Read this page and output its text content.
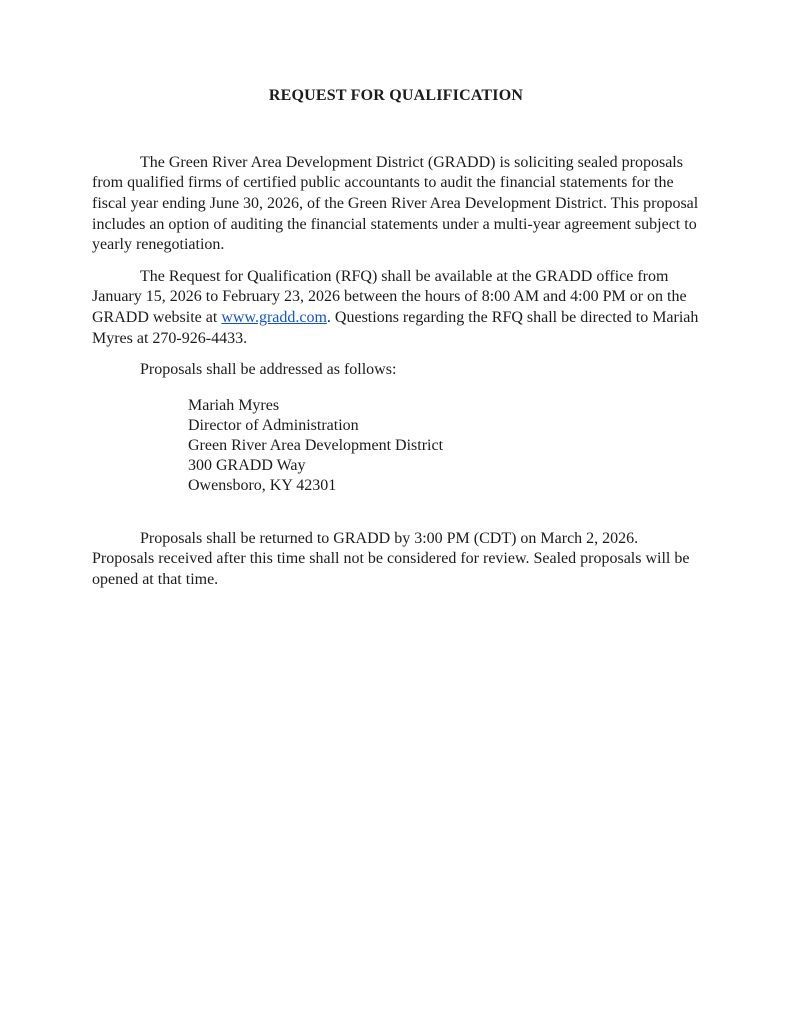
REQUEST FOR QUALIFICATION

The Green River Area Development District (GRADD) is soliciting sealed proposals from qualified firms of certified public accountants to audit the financial statements for the fiscal year ending June 30, 2026, of the Green River Area Development District. This proposal includes an option of auditing the financial statements under a multi-year agreement subject to yearly renegotiation.

The Request for Qualification (RFQ) shall be available at the GRADD office from January 15, 2026 to February 23, 2026 between the hours of 8:00 AM and 4:00 PM or on the GRADD website at www.gradd.com. Questions regarding the RFQ shall be directed to Mariah Myres at 270-926-4433.

Proposals shall be addressed as follows:

Mariah Myres
Director of Administration
Green River Area Development District
300 GRADD Way
Owensboro, KY 42301

Proposals shall be returned to GRADD by 3:00 PM (CDT) on March 2, 2026. Proposals received after this time shall not be considered for review. Sealed proposals will be opened at that time.
